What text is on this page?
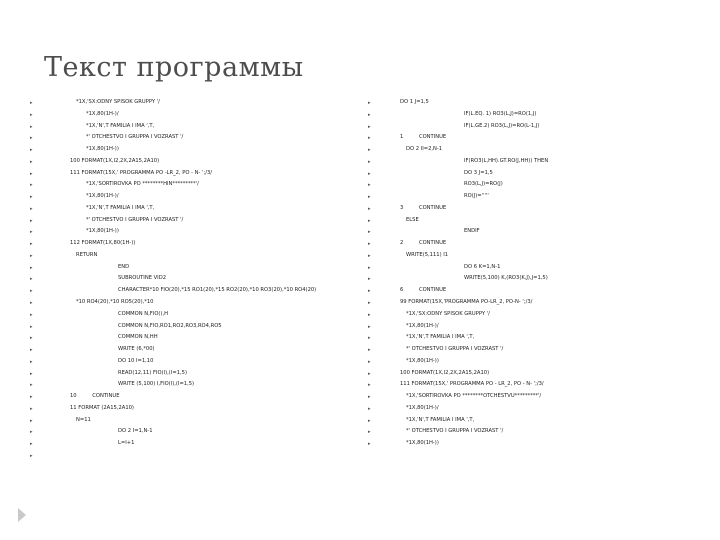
Текст программы
▸	*1X,'SX:ODNY SPISOK GRUPPY '/
▸	*1X,80(1H-)/
▸	*1X,'N',T FAMILIA I IMA ',T,
▸	*' OTCHESTVO I GRUPPA I VOZRAST '/
▸	*1X,80(1H-))
▸	100 FORMAT(1X,I2,2X,2A15,2A10)
▸	111 FORMAT(15X,' PROGRAMMA PO -LR_2, PO - N- ';/3/
▸	*1X,'SORTIROVKA PO ********HIN*********'/
▸	*1X,80(1H-)/
▸	*1X,'N',T FAMILIA I IMA ',T,
▸	*' OTCHESTVO I GRUPPA I VOZRAST '/
▸	*1X,80(1H-))
▸	112 FORMAT(1X,80(1H-))
▸	RETURN
▸	END
▸	SUBROUTINE VID2
▸	CHARACTER*10 FIO(20),*15 RO1(20),*15 RO2(20),*10 RO3(20),*10 RO4(20)
▸	*10 RO4(20),*10 RO5(20),*10
▸	COMMON N,FIO(),H
▸	COMMON N,FIO,RO1,RO2,RO3,RO4,RO5
▸	COMMON N,HH
▸	WRITE (6,*00)
▸	DO 10 I=1,10
▸	READ(12,11) FIO(I),(I=1,5)
▸	WRITE (5,100) I,FIO(I),(I=1,5)
▸	10 CONTINUE
▸	11 FORMAT (2A15,2A10)
▸	N=11
▸	DO 2 I=1,N-1
▸	L=I+1
▸
▸	DO 1 J=1,5
▸	IF(L.EQ. 1) RO3(L,J)=RO(1,J)
▸	IF(L.GE.2) RO3(L,J)=RO(L-1,J)
▸	1 CONTINUE
▸	DO 2 II=2,N-1
▸	IF(RO3(L,HH).GT.RO(J,HH)) THEN
▸	DO 3 J=1,5
▸	RO3(L,J)=RO(J)
▸	RO(J)='''''
▸	3 CONTINUE
▸	ELSE
▸	ENDIF
▸	2 CONTINUE
▸	WRITE(5,111) I1
▸	DO 6 K=1,N-1
▸	WRITE(5,100) K,(RO3(K,J),J=1,5)
▸	6 CONTINUE
▸	99 FORMAT(15X,'PROGRAMMA PO-LR_2, PO-N- ';/3/
▸	*1X,'SX:ODNY SPISOK GRUPPY '/
▸	*1X,80(1H-)/
▸	*1X,'N',T FAMILIA I IMA ',T,
▸	*' OTCHESTVO I GRUPPA I VOZRAST '/
▸	*1X,80(1H-))
▸	100 FORMAT(1X,I2,2X,2A15,2A10)
▸	111 FORMAT(15X,' PROGRAMMA PO - LR_2, PO - N- ';/3/
▸	*1X,'SORTIROVKA PO ********OTCHESTVU*********'/
▸	*1X,80(1H-)/
▸	*1X,'N',T FAMILIA I IMA ',T,
▸	*' OTCHESTVO I GRUPPA I VOZRAST '/
▸	*1X,80(1H-))
